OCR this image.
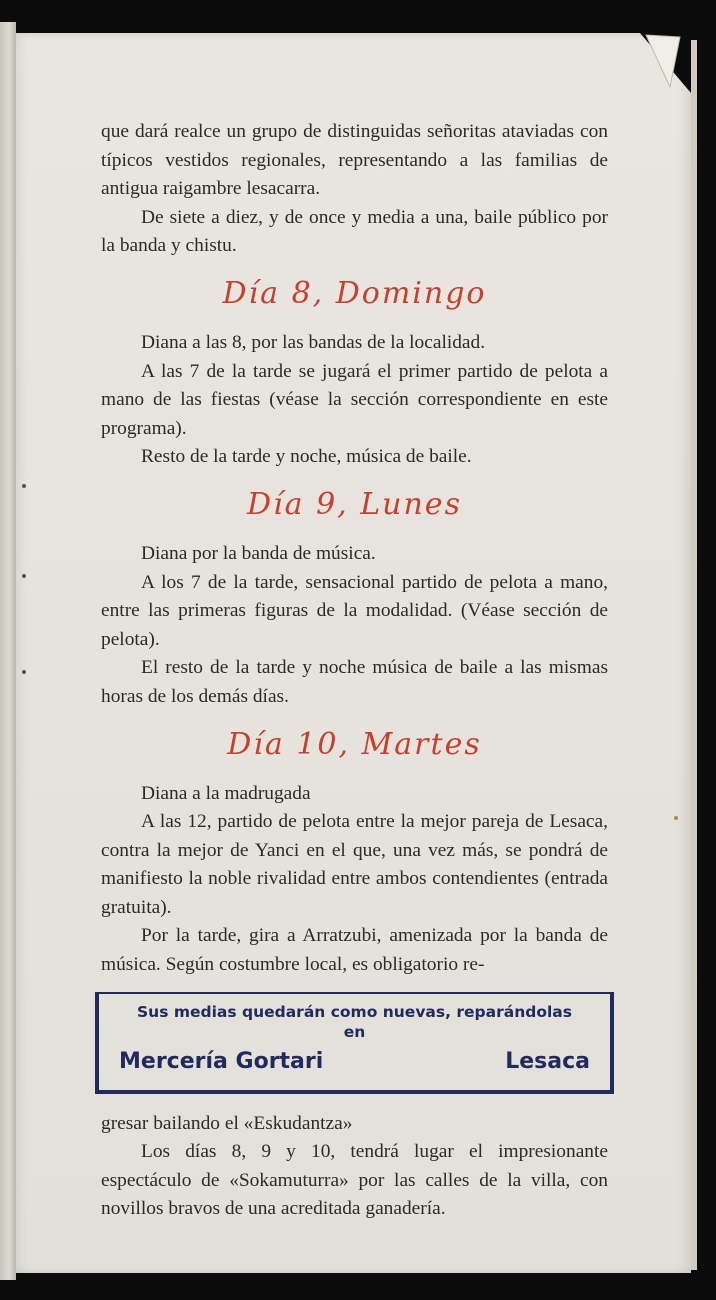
que dará realce un grupo de distinguidas señoritas ataviadas con típicos vestidos regionales, representando a las familias de antigua raigambre lesacarra.

De siete a diez, y de once y media a una, baile público por la banda y chistu.

Día 8, Domingo

Diana a las 8, por las bandas de la localidad.

A las 7 de la tarde se jugará el primer partido de pelota a mano de las fiestas (véase la sección correspondiente en este programa).

Resto de la tarde y noche, música de baile.

Día 9, Lunes

Diana por la banda de música.

A los 7 de la tarde, sensacional partido de pelota a mano, entre las primeras figuras de la modalidad. (Véase sección de pelota).

El resto de la tarde y noche música de baile a las mismas horas de los demás días.

Día 10, Martes

Diana a la madrugada

A las 12, partido de pelota entre la mejor pareja de Lesaca, contra la mejor de Yanci en el que, una vez más, se pondrá de manifiesto la noble rivalidad entre ambos contendientes (entrada gratuita).

Por la tarde, gira a Arratzubi, amenizada por la banda de música. Según costumbre local, es obligatorio re-

Sus medias quedarán como nuevas, reparándolas
en
Mercería Gortari	Lesaca

gresar bailando el «Eskudantza»

Los días 8, 9 y 10, tendrá lugar el impresionante espectáculo de «Sokamuturra» por las calles de la villa, con novillos bravos de una acreditada ganadería.
